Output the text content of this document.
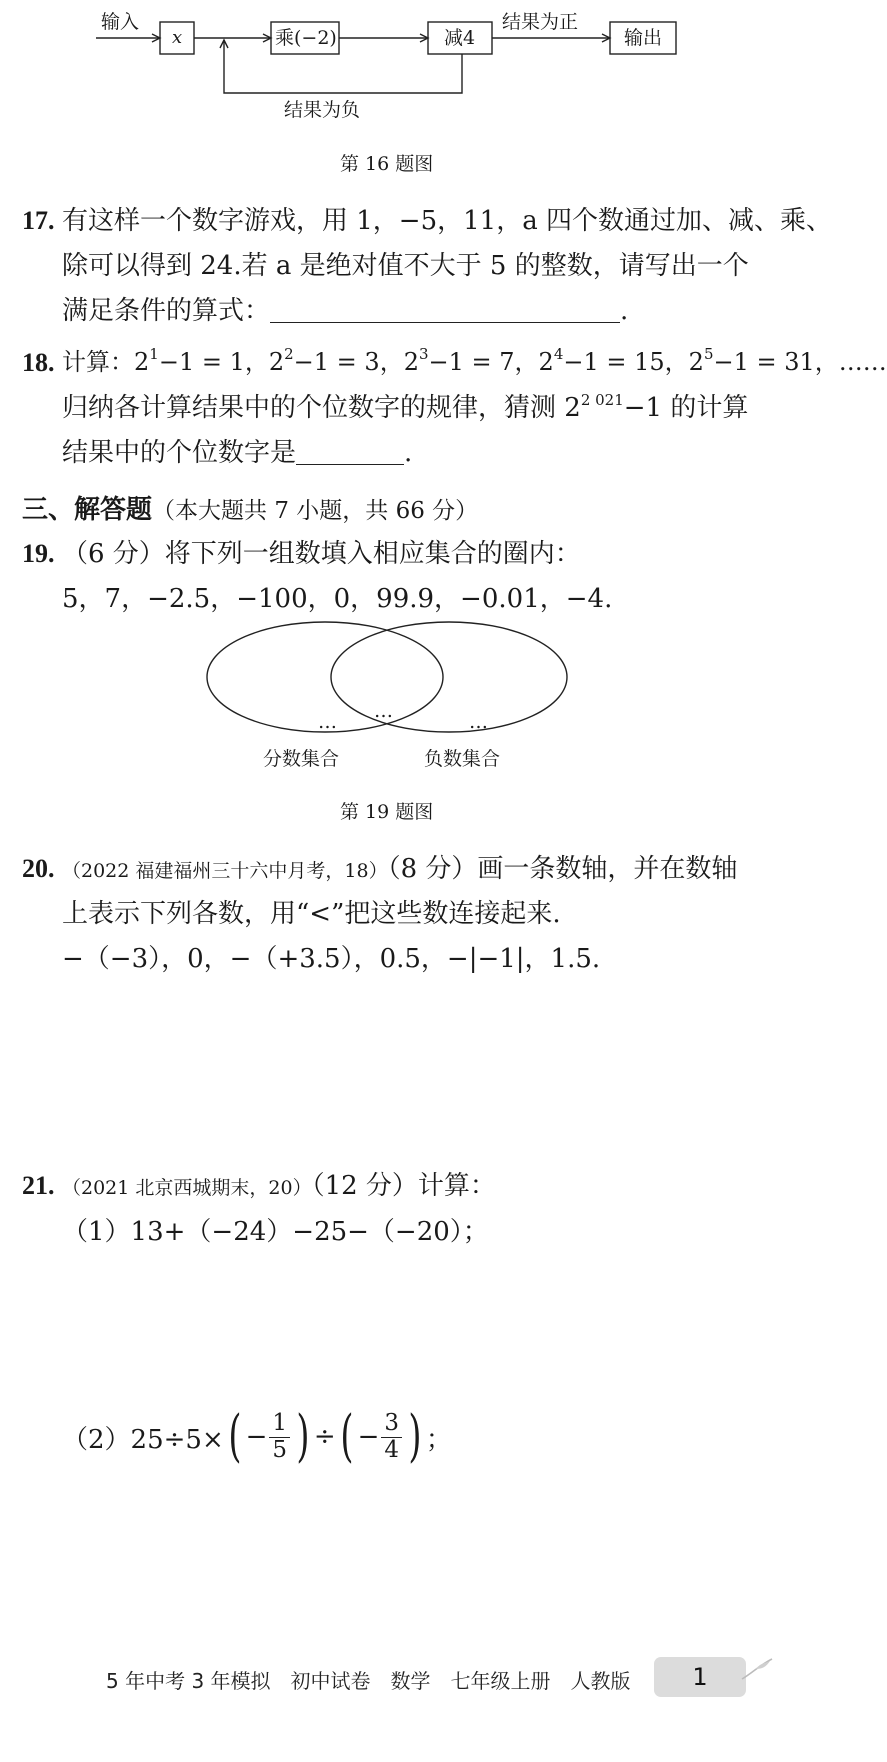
输入
x	乘(−2)	减4
结果为正
输出
结果为负
第 16 题图
17. 有这样一个数字游戏，用 1，−5，11，a 四个数通过加、减、乘、
除可以得到 24.若 a 是绝对值不大于 5 的整数，请写出一个
满足条件的算式：	.
18. 计算：$2^1-1 = 1$，$2^2-1 = 3$，$2^3-1 = 7$，$2^4-1 = 15$，$2^5-1 = 31$，……
归纳各计算结果中的个位数字的规律，猜测 $2^{2 021}-1$ 的计算
结果中的个位数字是	.
三、解答题（本大题共 7 小题，共 66 分）
19. （6 分）将下列一组数填入相应集合的圈内：
5，7，−2.5，−100，0，99.9，−0.01，−4.
… …	…
分数集合	负数集合
第 19 题图
20. （2022 福建福州三十六中月考，18）（8 分）画一条数轴，并在数轴
上表示下列各数，用“<”把这些数连接起来.
−（−3），0，−（+3.5），0.5，−|−1|，1.5.
21. （2021 北京西城期末，20）（12 分）计算：
（1）13+（−24）−25−（−20）；
（2）25÷5× ( − $\frac{1}{5}$ ) ÷ ( − $\frac{3}{4}$ ) ；
5 年中考 3 年模拟　初中试卷　数学　七年级上册　人教版	1
